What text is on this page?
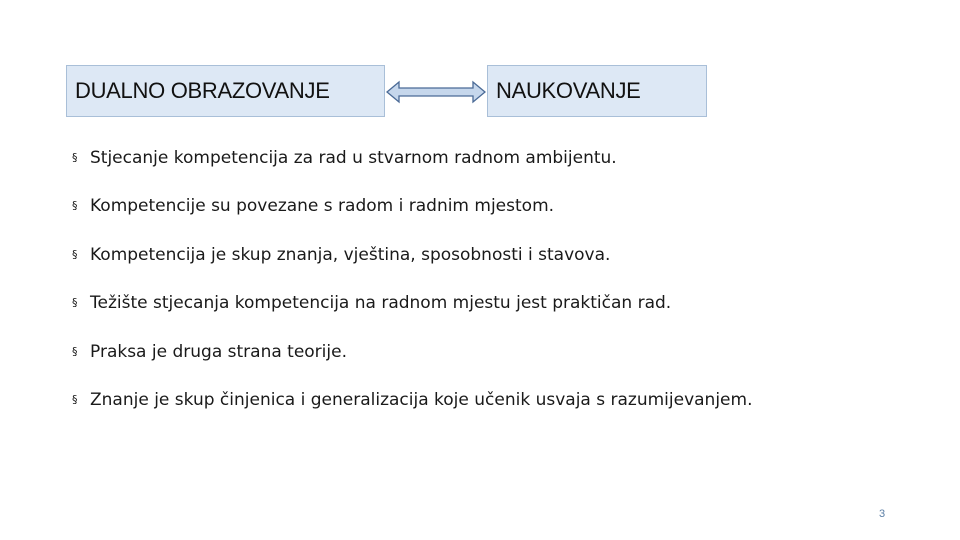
DUALNO OBRAZOVANJE	NAUKOVANJE
§ Stjecanje kompetencija za rad u stvarnom radnom ambijentu.
§ Kompetencije su povezane s radom i radnim mjestom.
§ Kompetencija je skup znanja, vještina, sposobnosti i stavova.
§ Težište stjecanja kompetencija na radnom mjestu jest praktičan rad.
§ Praksa je druga strana teorije.
§ Znanje je skup činjenica i generalizacija koje učenik usvaja s razumijevanjem.
3
